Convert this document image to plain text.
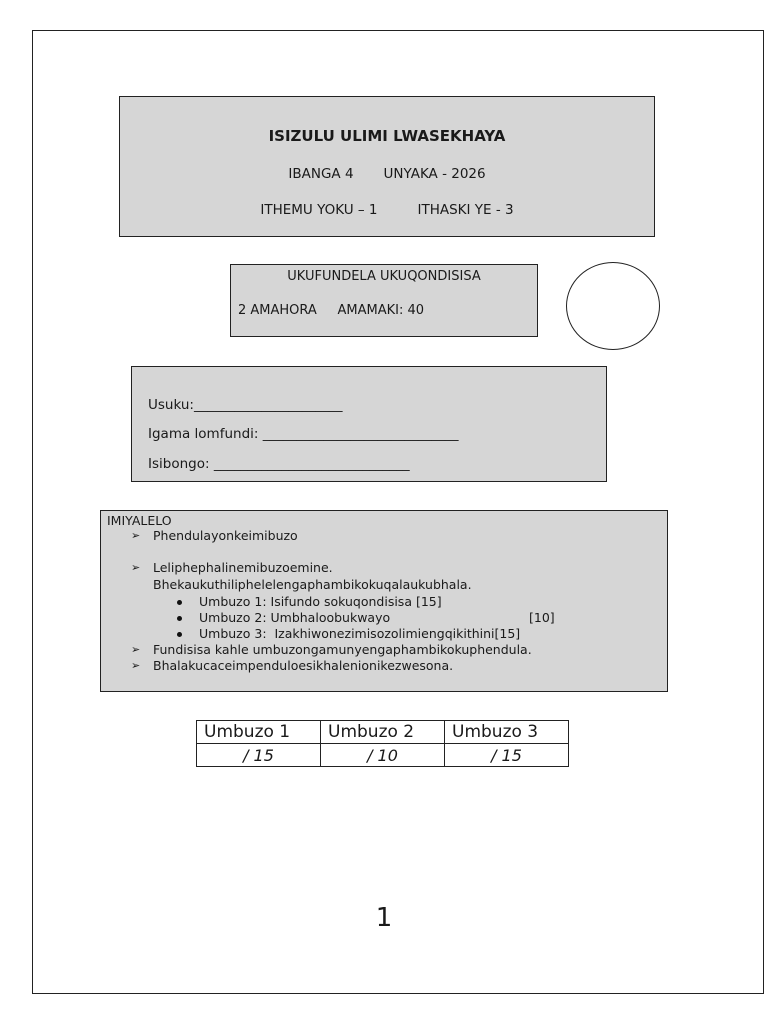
ISIZULU ULIMI LWASEKHAYA
IBANGA 4 UNYAKA - 2026
ITHEMU YOKU – 1	ITHASKI YE - 3
UKUFUNDELA UKUQONDISISA
2 AMAHORA AMAMAKI: 40
Usuku:______________________
Igama lomfundi: _____________________________
Isibongo: _____________________________
IMIYALELO
➢ Phendulayonkeimibuzo
➢ Leliphephalinemibuzoemine.
Bhekaukuthiliphelelengaphambikokuqalaukubhala.
Umbuzo 1: Isifundo sokuqondisisa [15]
Umbuzo 2: Umbhaloobukwayo	[10]
Umbuzo 3:  Izakhiwonezimisozolimiengqikithini[15]
➢ Fundisisa kahle umbuzongamunyengaphambikokuphendula.
➢ Bhalakucaceimpenduloesikhalenionikezwesona.
Umbuzo 1	Umbuzo 2	Umbuzo 3
/ 15	/ 10	/ 15
1
